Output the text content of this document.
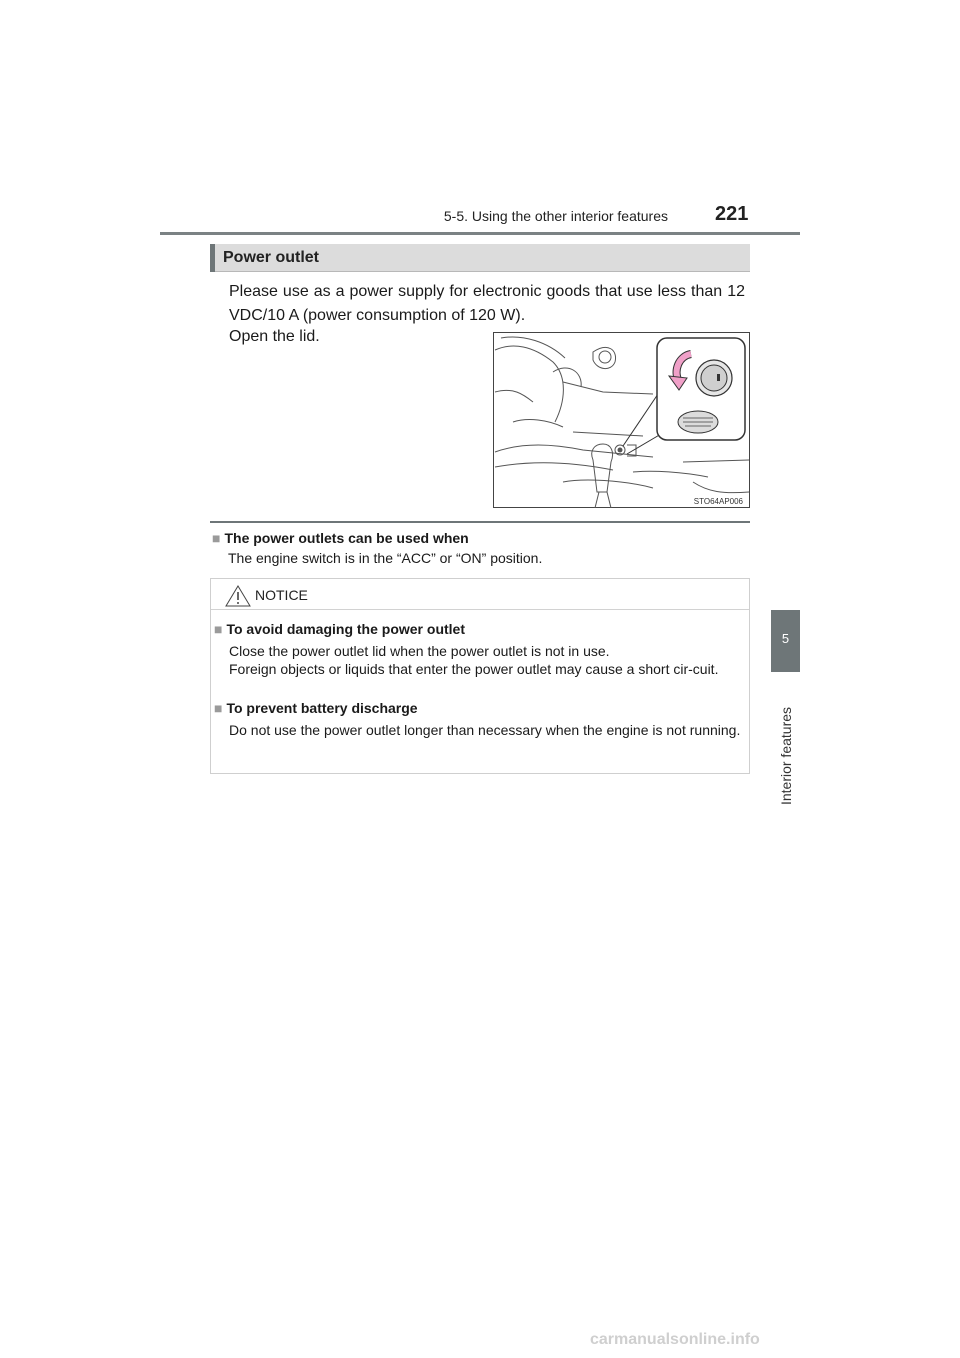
5-5. Using the other interior features 221
5
Interior features
Power outlet
Please use as a power supply for electronic goods that use less than 12 VDC/10 A (power consumption of 120 W).
Open the lid.
STO64AP006
■ The power outlets can be used when
The engine switch is in the “ACC” or “ON” position.
NOTICE
■ To avoid damaging the power outlet
Close the power outlet lid when the power outlet is not in use.
Foreign objects or liquids that enter the power outlet may cause a short cir-cuit.
■ To prevent battery discharge
Do not use the power outlet longer than necessary when the engine is not running.
carmanualsonline.info
